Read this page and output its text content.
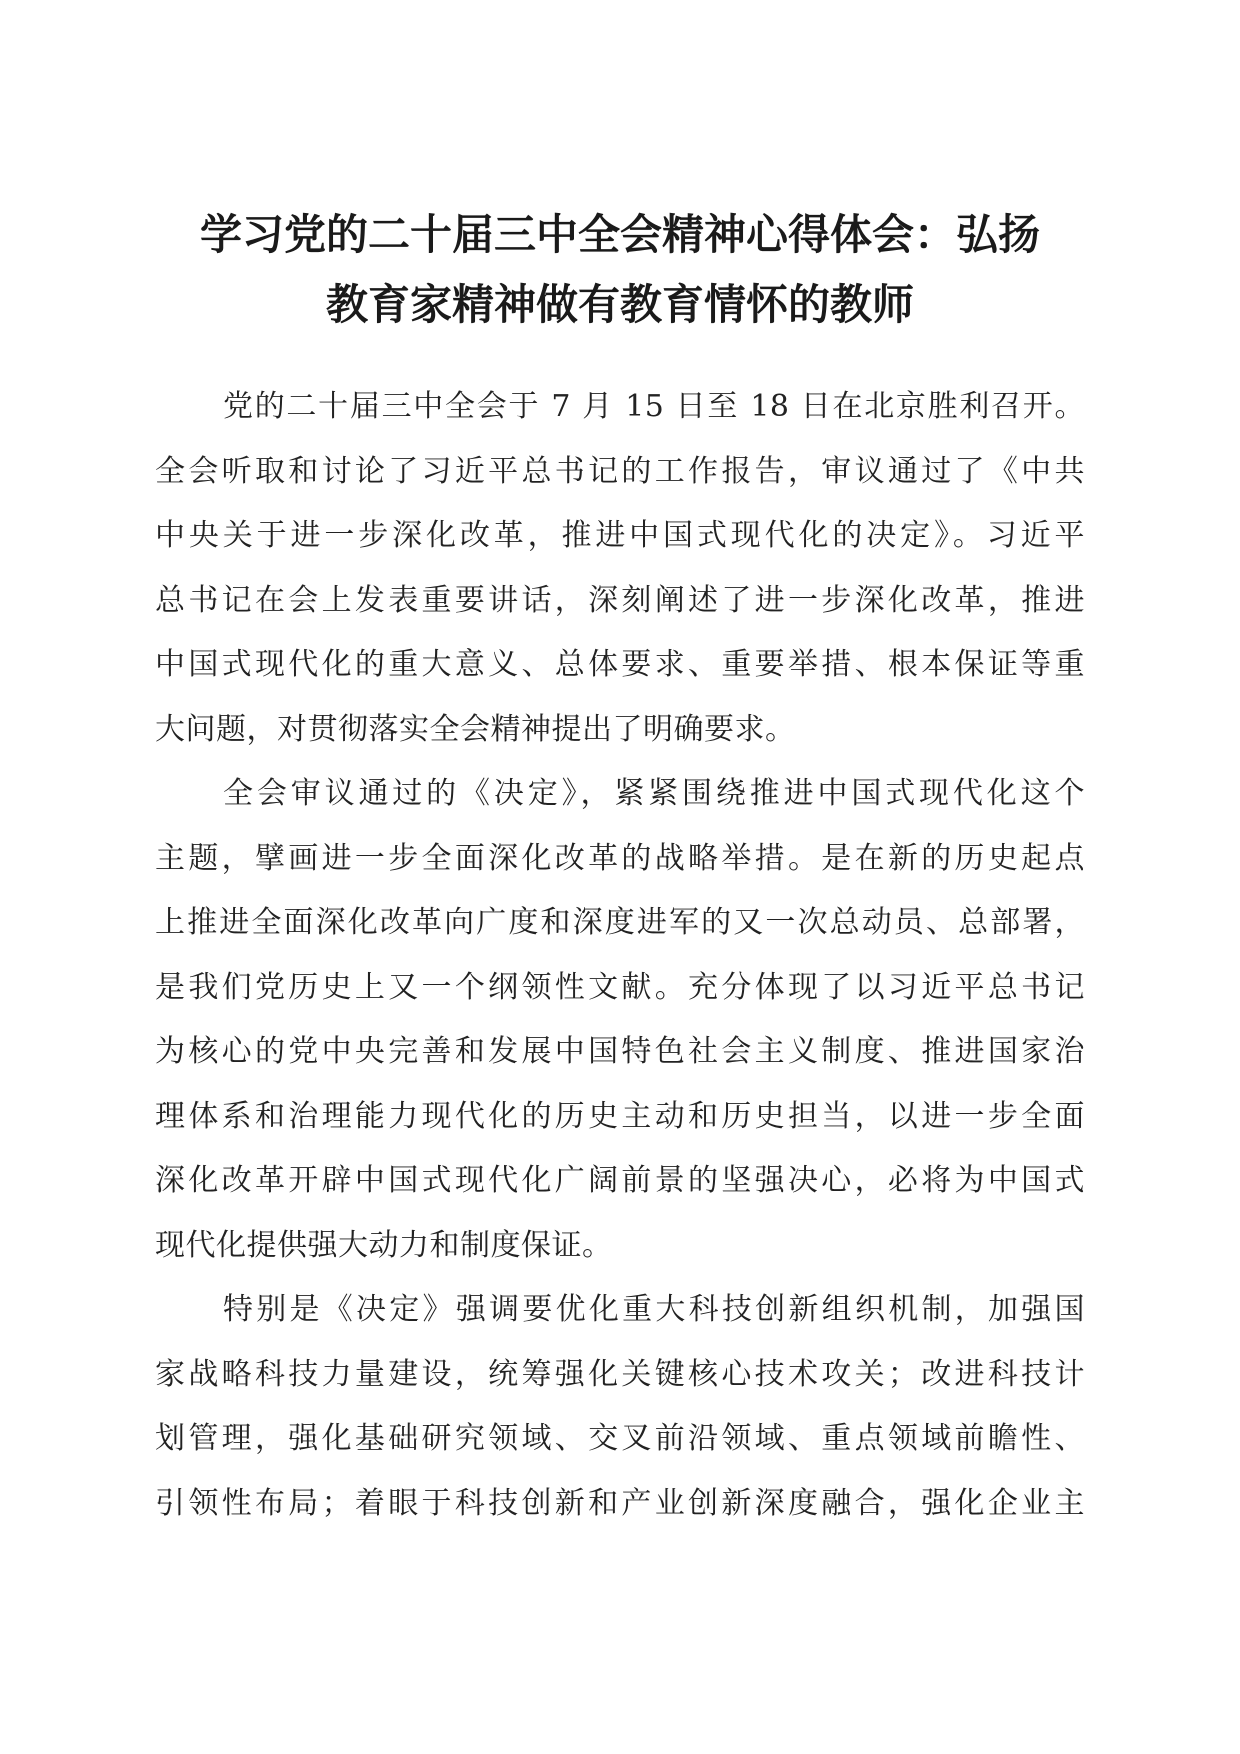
学习党的二十届三中全会精神心得体会：弘扬
教育家精神做有教育情怀的教师

党的二十届三中全会于 7 月 15 日至 18 日在北京胜利召开。
全会听取和讨论了习近平总书记的工作报告，审议通过了《中共
中央关于进一步深化改革，推进中国式现代化的决定》。习近平
总书记在会上发表重要讲话，深刻阐述了进一步深化改革，推进
中国式现代化的重大意义、总体要求、重要举措、根本保证等重
大问题，对贯彻落实全会精神提出了明确要求。

全会审议通过的《决定》，紧紧围绕推进中国式现代化这个
主题，擘画进一步全面深化改革的战略举措。是在新的历史起点
上推进全面深化改革向广度和深度进军的又一次总动员、总部署，
是我们党历史上又一个纲领性文献。充分体现了以习近平总书记
为核心的党中央完善和发展中国特色社会主义制度、推进国家治
理体系和治理能力现代化的历史主动和历史担当，以进一步全面
深化改革开辟中国式现代化广阔前景的坚强决心，必将为中国式
现代化提供强大动力和制度保证。

特别是《决定》强调要优化重大科技创新组织机制，加强国
家战略科技力量建设，统筹强化关键核心技术攻关；改进科技计
划管理，强化基础研究领域、交叉前沿领域、重点领域前瞻性、
引领性布局；着眼于科技创新和产业创新深度融合，强化企业主
